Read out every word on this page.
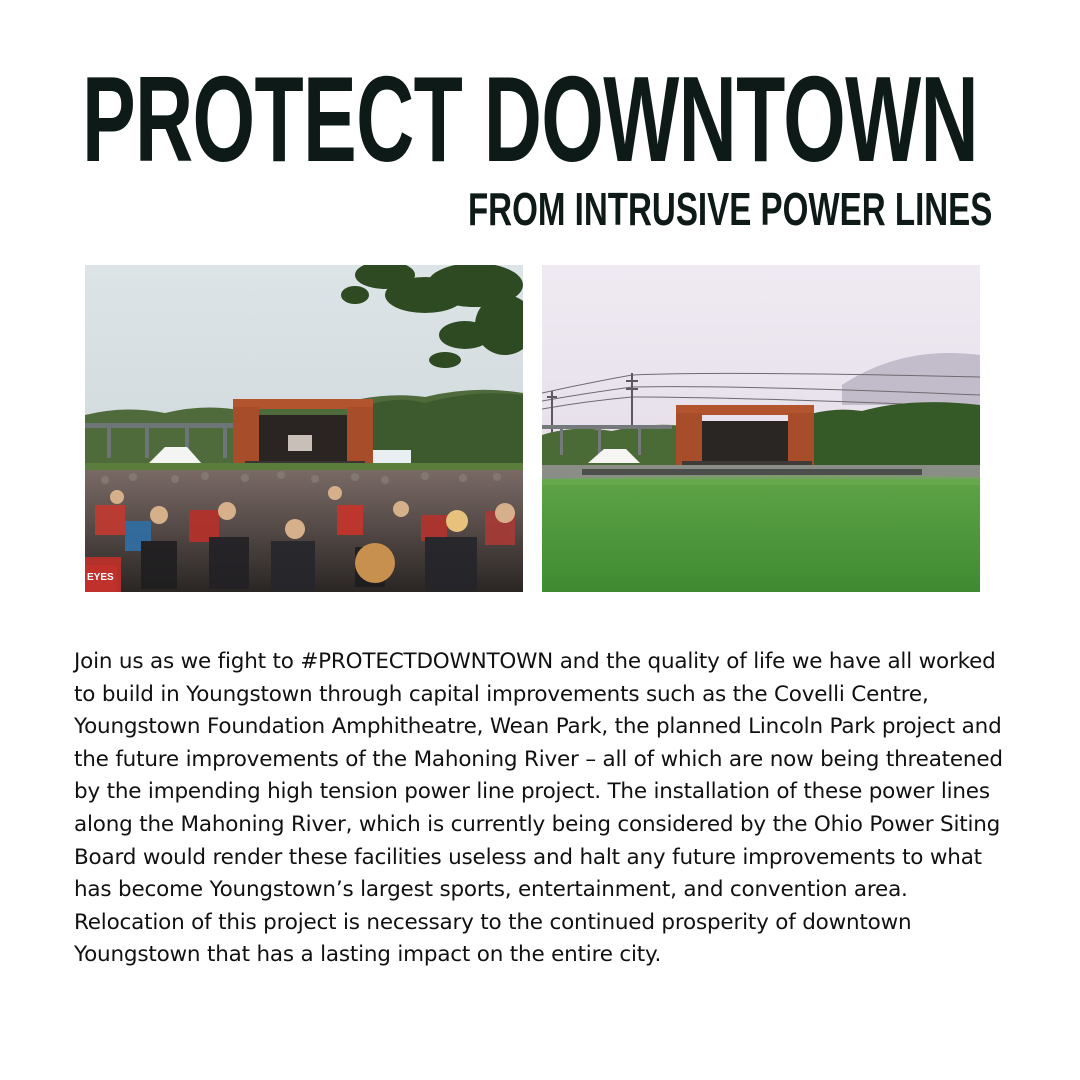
PROTECT DOWNTOWN
FROM INTRUSIVE POWER LINES
EYES

Join us as we fight to #PROTECTDOWNTOWN and the quality of life we have all worked to build in Youngstown through capital improvements such as the Covelli Centre, Youngstown Foundation Amphitheatre, Wean Park, the planned Lincoln Park project and the future improvements of the Mahoning River – all of which are now being threatened by the impending high tension power line project. The installation of these power lines along the Mahoning River, which is currently being considered by the Ohio Power Siting Board would render these facilities useless and halt any future improvements to what has become Youngstown’s largest sports, entertainment, and convention area. Relocation of this project is necessary to the continued prosperity of downtown Youngstown that has a lasting impact on the entire city.
